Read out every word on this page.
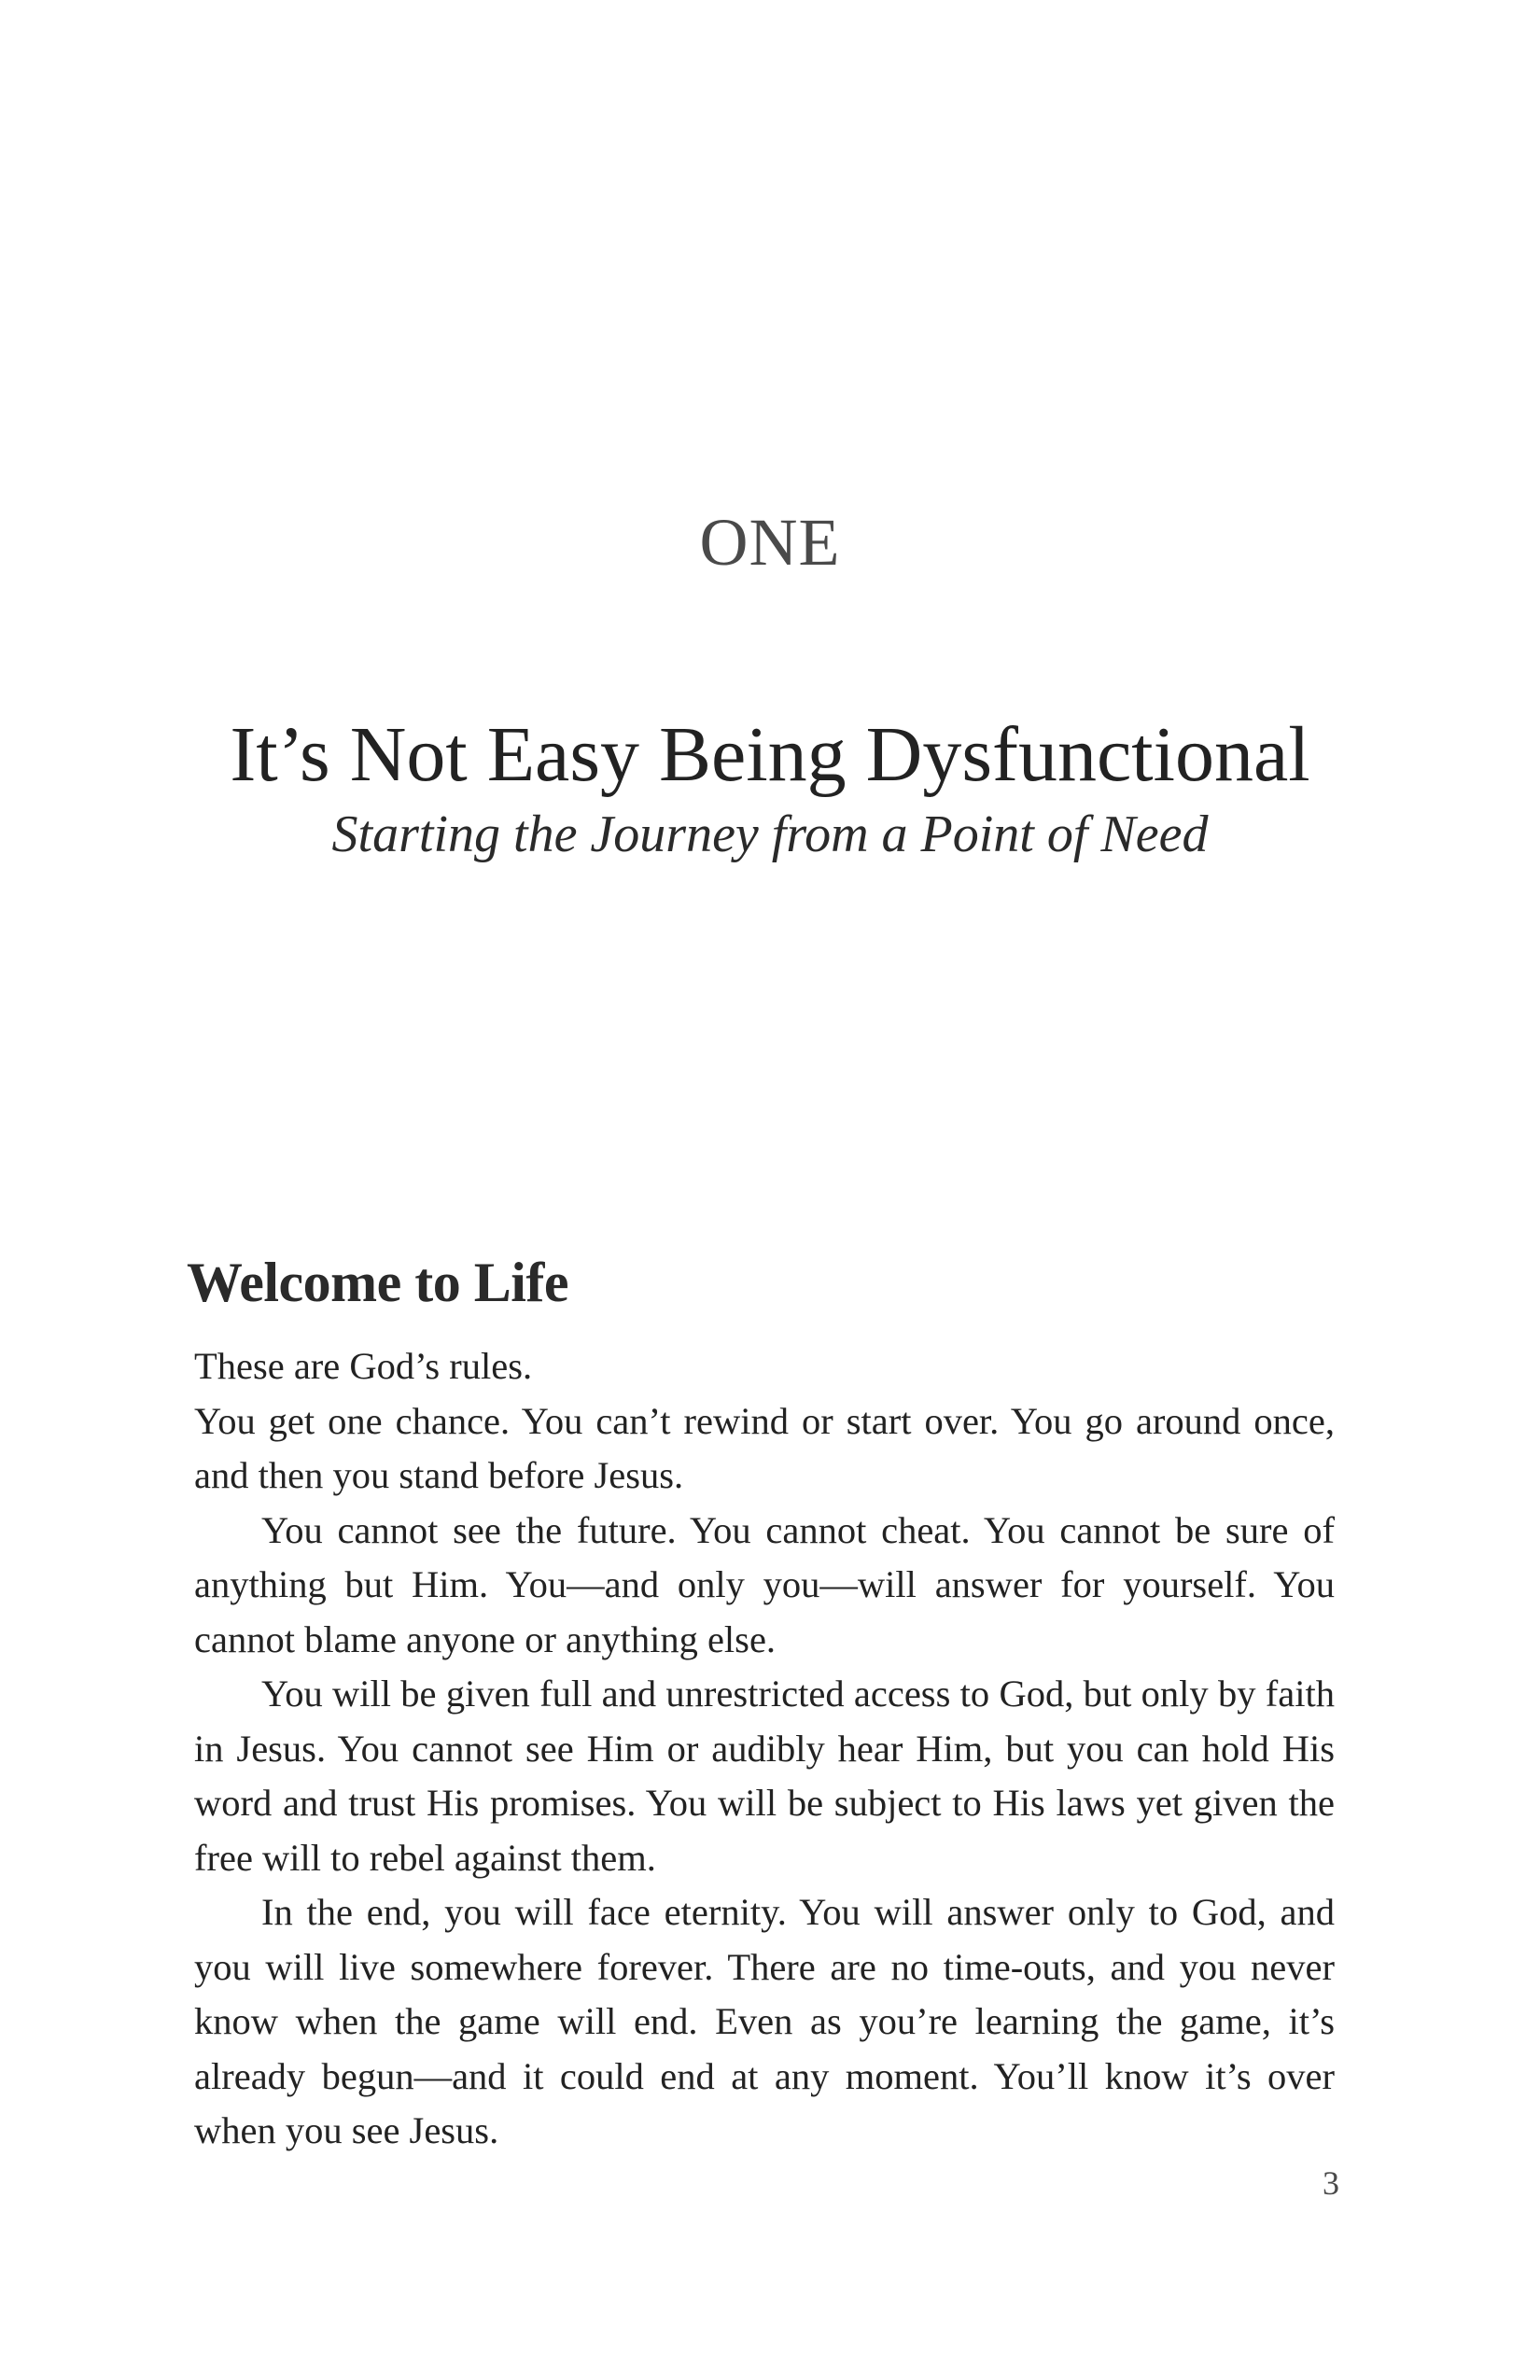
ONE
It’s Not Easy Being Dysfunctional
Starting the Journey from a Point of Need
Welcome to Life

These are God’s rules.

You get one chance. You can’t rewind or start over. You go around once, and then you stand before Jesus.

You cannot see the future. You cannot cheat. You cannot be sure of anything but Him. You—and only you—will answer for yourself. You cannot blame anyone or anything else.

You will be given full and unrestricted access to God, but only by faith in Jesus. You cannot see Him or audibly hear Him, but you can hold His word and trust His promises. You will be subject to His laws yet given the free will to rebel against them.

In the end, you will face eternity. You will answer only to God, and you will live somewhere forever. There are no time-outs, and you never know when the game will end. Even as you’re learning the game, it’s already begun—and it could end at any moment. You’ll know it’s over when you see Jesus.

3
